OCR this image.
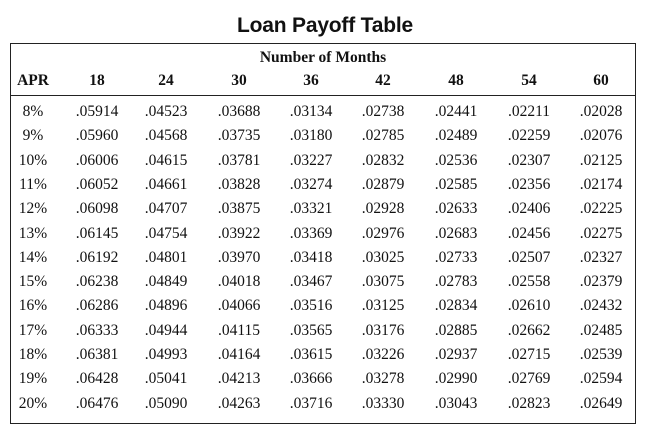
Loan Payoff Table
Number of Months
APR	18	24	30	36	42	48	54	60
8% .05914 .04523 .03688 .03134 .02738 .02441 .02211 .02028
9% .05960 .04568 .03735 .03180 .02785 .02489 .02259 .02076
10% .06006 .04615 .03781 .03227 .02832 .02536 .02307 .02125
11% .06052 .04661 .03828 .03274 .02879 .02585 .02356 .02174
12% .06098 .04707 .03875 .03321 .02928 .02633 .02406 .02225
13% .06145 .04754 .03922 .03369 .02976 .02683 .02456 .02275
14% .06192 .04801 .03970 .03418 .03025 .02733 .02507 .02327
15% .06238 .04849 .04018 .03467 .03075 .02783 .02558 .02379
16% .06286 .04896 .04066 .03516 .03125 .02834 .02610 .02432
17% .06333 .04944 .04115 .03565 .03176 .02885 .02662 .02485
18% .06381 .04993 .04164 .03615 .03226 .02937 .02715 .02539
19% .06428 .05041 .04213 .03666 .03278 .02990 .02769 .02594
20% .06476 .05090 .04263 .03716 .03330 .03043 .02823 .02649
